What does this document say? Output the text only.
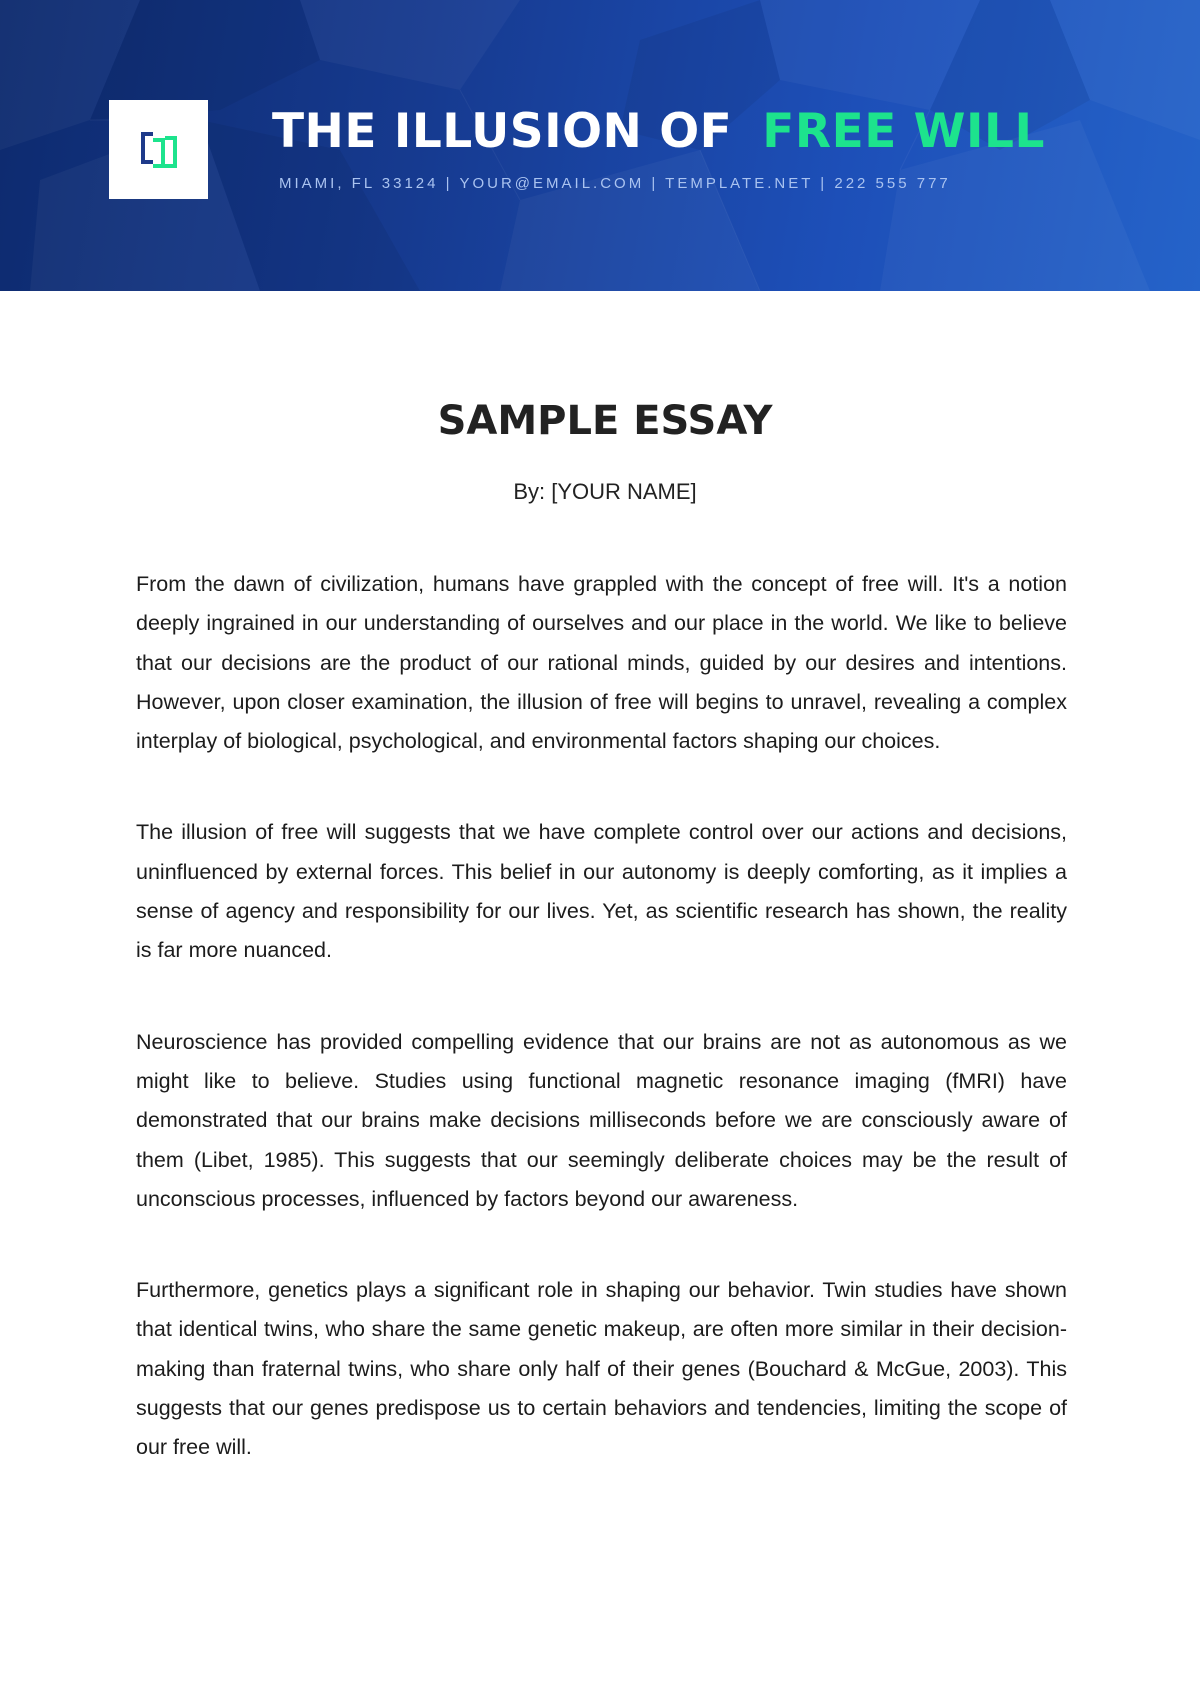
THE ILLUSION OF FREE WILL
MIAMI, FL 33124 | YOUR@EMAIL.COM | TEMPLATE.NET | 222 555 777
SAMPLE ESSAY
By: [YOUR NAME]

From the dawn of civilization, humans have grappled with the concept of free will. It's a notion deeply ingrained in our understanding of ourselves and our place in the world. We like to believe that our decisions are the product of our rational minds, guided by our desires and intentions. However, upon closer examination, the illusion of free will begins to unravel, revealing a complex interplay of biological, psychological, and environmental factors shaping our choices.

The illusion of free will suggests that we have complete control over our actions and decisions, uninfluenced by external forces. This belief in our autonomy is deeply comforting, as it implies a sense of agency and responsibility for our lives. Yet, as scientific research has shown, the reality is far more nuanced.

Neuroscience has provided compelling evidence that our brains are not as autonomous as we might like to believe. Studies using functional magnetic resonance imaging (fMRI) have demonstrated that our brains make decisions milliseconds before we are consciously aware of them (Libet, 1985). This suggests that our seemingly deliberate choices may be the result of unconscious processes, influenced by factors beyond our awareness.

Furthermore, genetics plays a significant role in shaping our behavior. Twin studies have shown that identical twins, who share the same genetic makeup, are often more similar in their decision-making than fraternal twins, who share only half of their genes (Bouchard & McGue, 2003). This suggests that our genes predispose us to certain behaviors and tendencies, limiting the scope of our free will.
